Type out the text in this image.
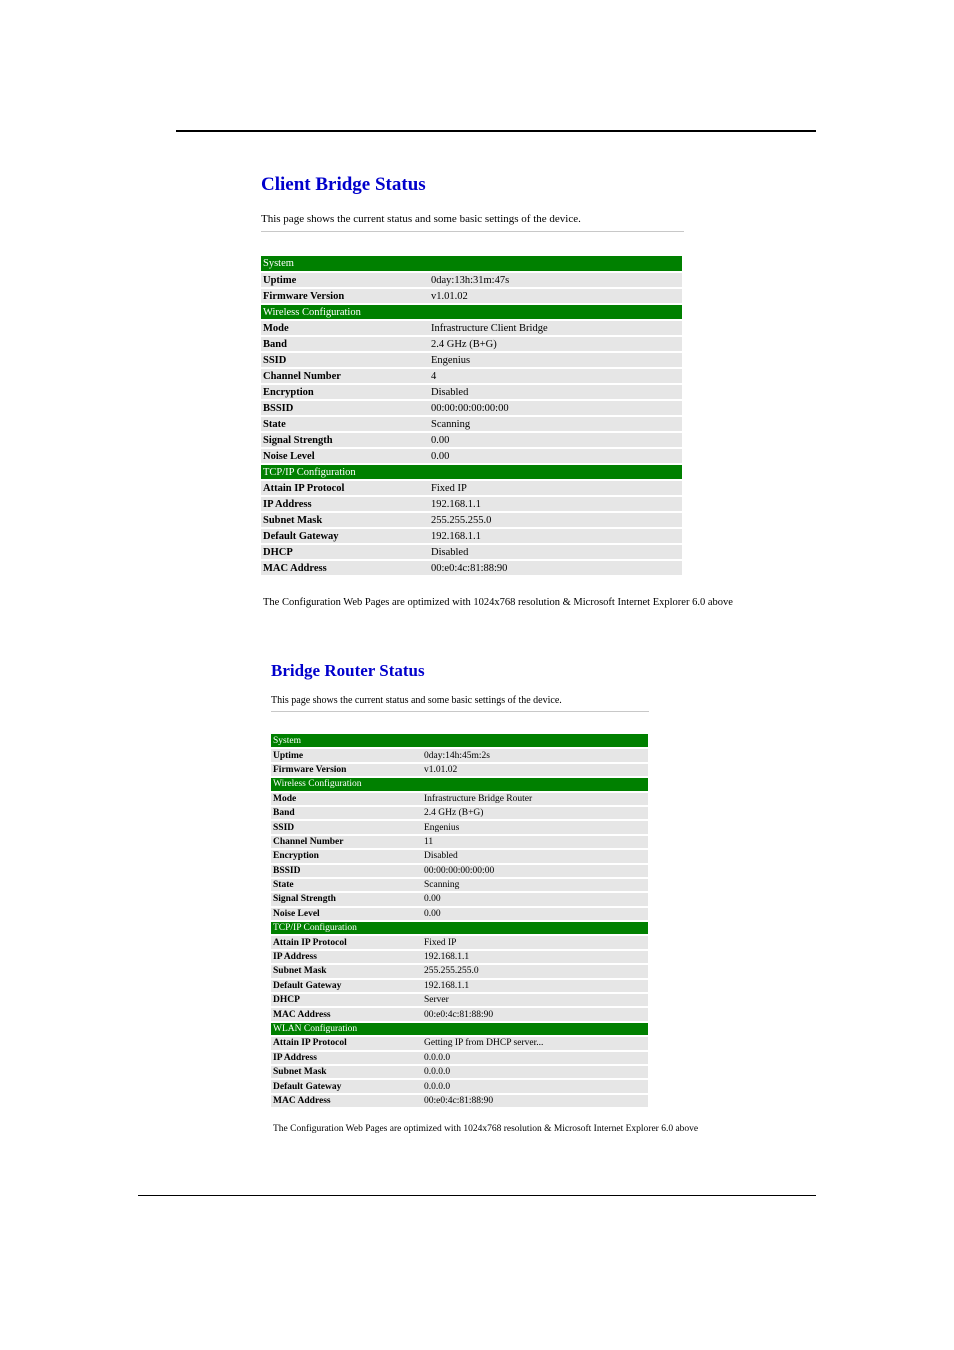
Client Bridge Status
This page shows the current status and some basic settings of the device.
System	
Uptime	0day:13h:31m:47s
Firmware Version	v1.01.02
Wireless Configuration	
Mode	Infrastructure Client Bridge
Band	2.4 GHz (B+G)
SSID	Engenius
Channel Number	4
Encryption	Disabled
BSSID	00:00:00:00:00:00
State	Scanning
Signal Strength	0.00
Noise Level	0.00
TCP/IP Configuration	
Attain IP Protocol	Fixed IP
IP Address	192.168.1.1
Subnet Mask	255.255.255.0
Default Gateway	192.168.1.1
DHCP	Disabled
MAC Address	00:e0:4c:81:88:90
The Configuration Web Pages are optimized with 1024x768 resolution & Microsoft Internet Explorer 6.0 above
Bridge Router Status
This page shows the current status and some basic settings of the device.
System	
Uptime	0day:14h:45m:2s
Firmware Version	v1.01.02
Wireless Configuration	
Mode	Infrastructure Bridge Router
Band	2.4 GHz (B+G)
SSID	Engenius
Channel Number	11
Encryption	Disabled
BSSID	00:00:00:00:00:00
State	Scanning
Signal Strength	0.00
Noise Level	0.00
TCP/IP Configuration	
Attain IP Protocol	Fixed IP
IP Address	192.168.1.1
Subnet Mask	255.255.255.0
Default Gateway	192.168.1.1
DHCP	Server
MAC Address	00:e0:4c:81:88:90
WLAN Configuration	
Attain IP Protocol	Getting IP from DHCP server...
IP Address	0.0.0.0
Subnet Mask	0.0.0.0
Default Gateway	0.0.0.0
MAC Address	00:e0:4c:81:88:90
The Configuration Web Pages are optimized with 1024x768 resolution & Microsoft Internet Explorer 6.0 above
